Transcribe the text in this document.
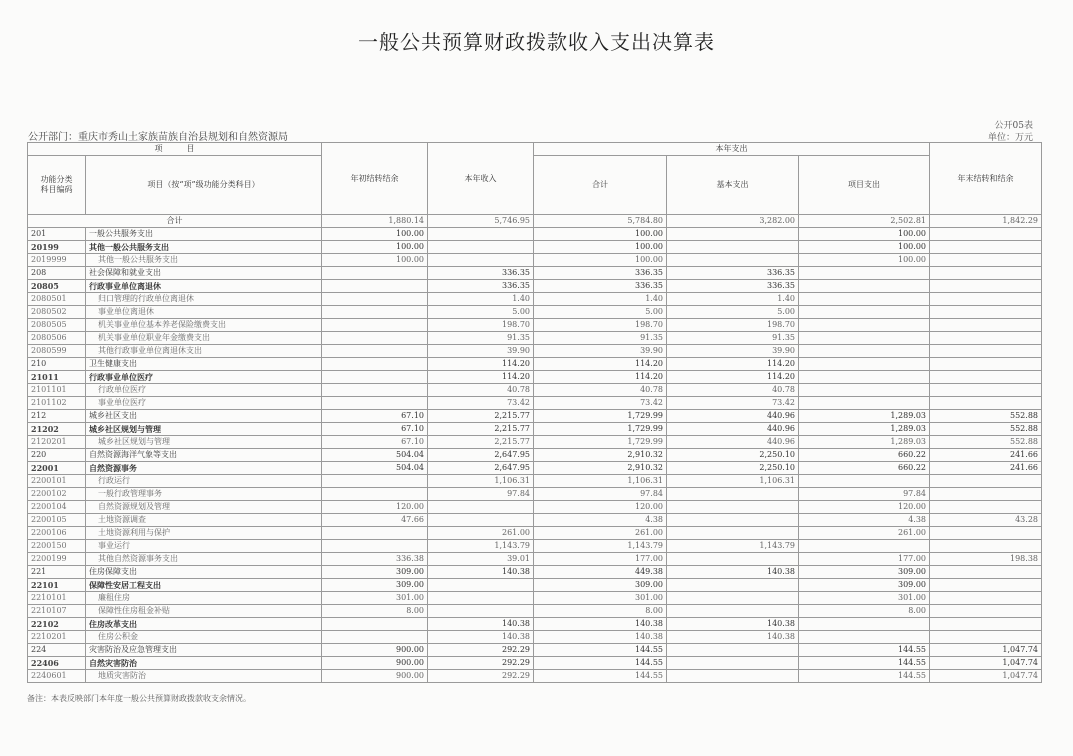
一般公共预算财政拨款收入支出决算表
公开05表
单位：万元
公开部门：重庆市秀山土家族苗族自治县规划和自然资源局
项　　　目		年初结转结余	本年收入	本年支出			年末结转和结余
功能分类
科目编码	项目（按“项”级功能分类科目）			合计	基本支出	项目支出	
合计		1,880.14	5,746.95	5,784.80	3,282.00	2,502.81	1,842.29
201	一般公共服务支出	100.00		100.00		100.00	
20199	其他一般公共服务支出	100.00		100.00		100.00	
2019999	其他一般公共服务支出	100.00		100.00		100.00	
208	社会保障和就业支出		336.35	336.35	336.35		
20805	行政事业单位离退休		336.35	336.35	336.35		
2080501	归口管理的行政单位离退休		1.40	1.40	1.40		
2080502	事业单位离退休		5.00	5.00	5.00		
2080505	机关事业单位基本养老保险缴费支出		198.70	198.70	198.70		
2080506	机关事业单位职业年金缴费支出		91.35	91.35	91.35		
2080599	其他行政事业单位离退休支出		39.90	39.90	39.90		
210	卫生健康支出		114.20	114.20	114.20		
21011	行政事业单位医疗		114.20	114.20	114.20		
2101101	行政单位医疗		40.78	40.78	40.78		
2101102	事业单位医疗		73.42	73.42	73.42		
212	城乡社区支出	67.10	2,215.77	1,729.99	440.96	1,289.03	552.88
21202	城乡社区规划与管理	67.10	2,215.77	1,729.99	440.96	1,289.03	552.88
2120201	城乡社区规划与管理	67.10	2,215.77	1,729.99	440.96	1,289.03	552.88
220	自然资源海洋气象等支出	504.04	2,647.95	2,910.32	2,250.10	660.22	241.66
22001	自然资源事务	504.04	2,647.95	2,910.32	2,250.10	660.22	241.66
2200101	行政运行		1,106.31	1,106.31	1,106.31		
2200102	一般行政管理事务		97.84	97.84		97.84	
2200104	自然资源规划及管理	120.00		120.00		120.00	
2200105	土地资源调查	47.66		4.38		4.38	43.28
2200106	土地资源利用与保护		261.00	261.00		261.00	
2200150	事业运行		1,143.79	1,143.79	1,143.79		
2200199	其他自然资源事务支出	336.38	39.01	177.00		177.00	198.38
221	住房保障支出	309.00	140.38	449.38	140.38	309.00	
22101	保障性安居工程支出	309.00		309.00		309.00	
2210101	廉租住房	301.00		301.00		301.00	
2210107	保障性住房租金补贴	8.00		8.00		8.00	
22102	住房改革支出		140.38	140.38	140.38		
2210201	住房公积金		140.38	140.38	140.38		
224	灾害防治及应急管理支出	900.00	292.29	144.55		144.55	1,047.74
22406	自然灾害防治	900.00	292.29	144.55		144.55	1,047.74
2240601	地质灾害防治	900.00	292.29	144.55		144.55	1,047.74
备注：本表反映部门本年度一般公共预算财政拨款收支余情况。
